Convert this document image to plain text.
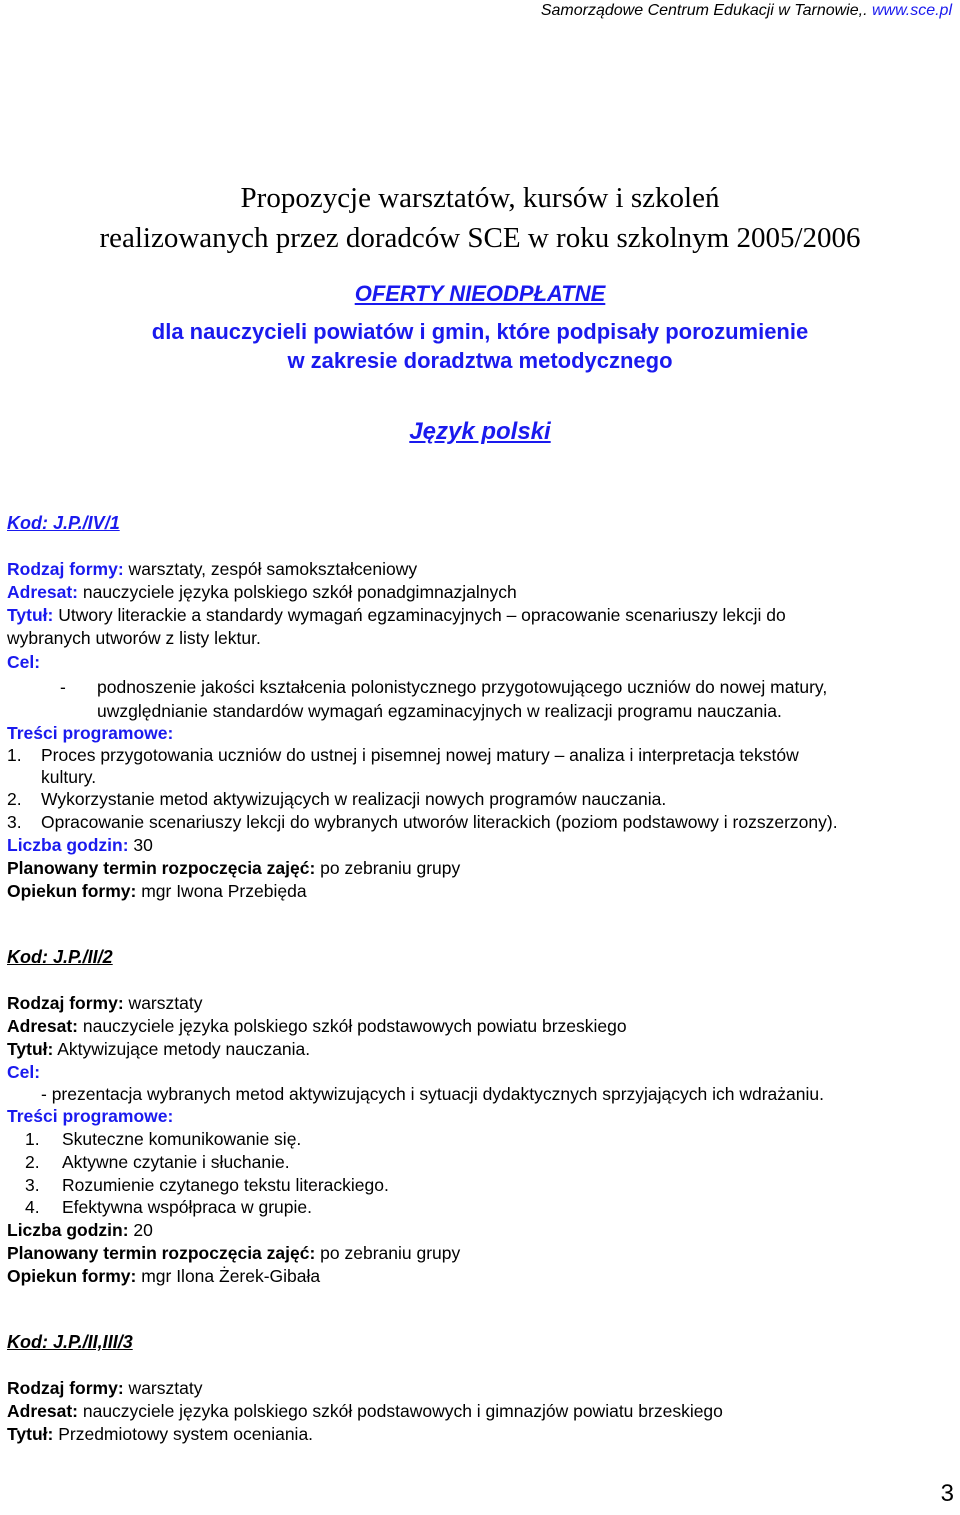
Samorządowe Centrum Edukacji w Tarnowie,. www.sce.pl
Propozycje warsztatów, kursów i szkoleń
realizowanych przez doradców SCE w roku szkolnym 2005/2006
OFERTY NIEODPŁATNE
dla nauczycieli powiatów i gmin, które podpisały porozumienie
w zakresie doradztwa metodycznego
Język polski
Kod: J.P./IV/1
Rodzaj formy: warsztaty, zespół samokształceniowy
Adresat: nauczyciele języka polskiego szkół ponadgimnazjalnych
Tytuł: Utwory literackie a standardy wymagań egzaminacyjnych – opracowanie scenariuszy lekcji do
wybranych utworów z listy lektur.
Cel:
- podnoszenie jakości kształcenia polonistycznego przygotowującego uczniów do nowej matury,
uwzględnianie standardów wymagań egzaminacyjnych w realizacji programu nauczania.
Treści programowe:
1. Proces przygotowania uczniów do ustnej i pisemnej nowej matury – analiza i interpretacja tekstów
kultury.
2. Wykorzystanie metod aktywizujących w realizacji nowych programów nauczania.
3. Opracowanie scenariuszy lekcji do wybranych utworów literackich (poziom podstawowy i rozszerzony).
Liczba godzin: 30
Planowany termin rozpoczęcia zajęć: po zebraniu grupy
Opiekun formy: mgr Iwona Przebięda
Kod: J.P./II/2
Rodzaj formy: warsztaty
Adresat: nauczyciele języka polskiego szkół podstawowych powiatu brzeskiego
Tytuł: Aktywizujące metody nauczania.
Cel:
- prezentacja wybranych metod aktywizujących i sytuacji dydaktycznych sprzyjających ich wdrażaniu.
Treści programowe:
1. Skuteczne komunikowanie się.
2. Aktywne czytanie i słuchanie.
3. Rozumienie czytanego tekstu literackiego.
4. Efektywna współpraca w grupie.
Liczba godzin: 20
Planowany termin rozpoczęcia zajęć: po zebraniu grupy
Opiekun formy: mgr Ilona Żerek-Gibała
Kod: J.P./II,III/3
Rodzaj formy: warsztaty
Adresat: nauczyciele języka polskiego szkół podstawowych i gimnazjów powiatu brzeskiego
Tytuł: Przedmiotowy system oceniania.
3
